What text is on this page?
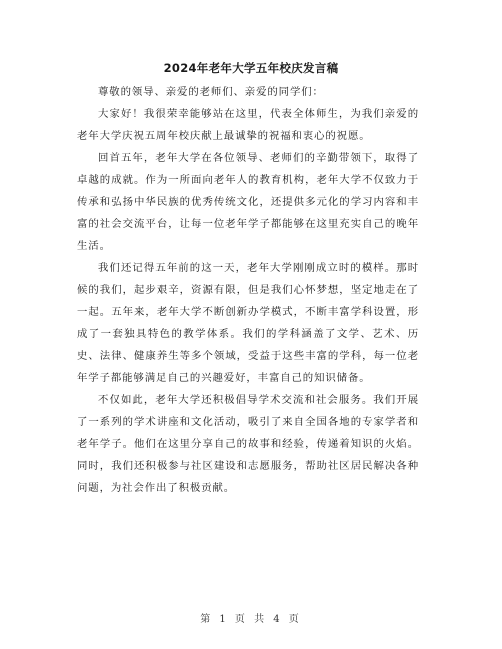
2024年老年大学五年校庆发言稿

尊敬的领导、亲爱的老师们、亲爱的同学们：

大家好！我很荣幸能够站在这里，代表全体师生，为我们亲爱的老年大学庆祝五周年校庆献上最诚挚的祝福和衷心的祝愿。

回首五年，老年大学在各位领导、老师们的辛勤带领下，取得了卓越的成就。作为一所面向老年人的教育机构，老年大学不仅致力于传承和弘扬中华民族的优秀传统文化，还提供多元化的学习内容和丰富的社会交流平台，让每一位老年学子都能够在这里充实自己的晚年生活。

我们还记得五年前的这一天，老年大学刚刚成立时的模样。那时候的我们，起步艰辛，资源有限，但是我们心怀梦想，坚定地走在了一起。五年来，老年大学不断创新办学模式，不断丰富学科设置，形成了一套独具特色的教学体系。我们的学科涵盖了文学、艺术、历史、法律、健康养生等多个领域，受益于这些丰富的学科，每一位老年学子都能够满足自己的兴趣爱好，丰富自己的知识储备。

不仅如此，老年大学还积极倡导学术交流和社会服务。我们开展了一系列的学术讲座和文化活动，吸引了来自全国各地的专家学者和老年学子。他们在这里分享自己的故事和经验，传递着知识的火焰。同时，我们还积极参与社区建设和志愿服务，帮助社区居民解决各种问题，为社会作出了积极贡献。

第 1 页 共 4 页
